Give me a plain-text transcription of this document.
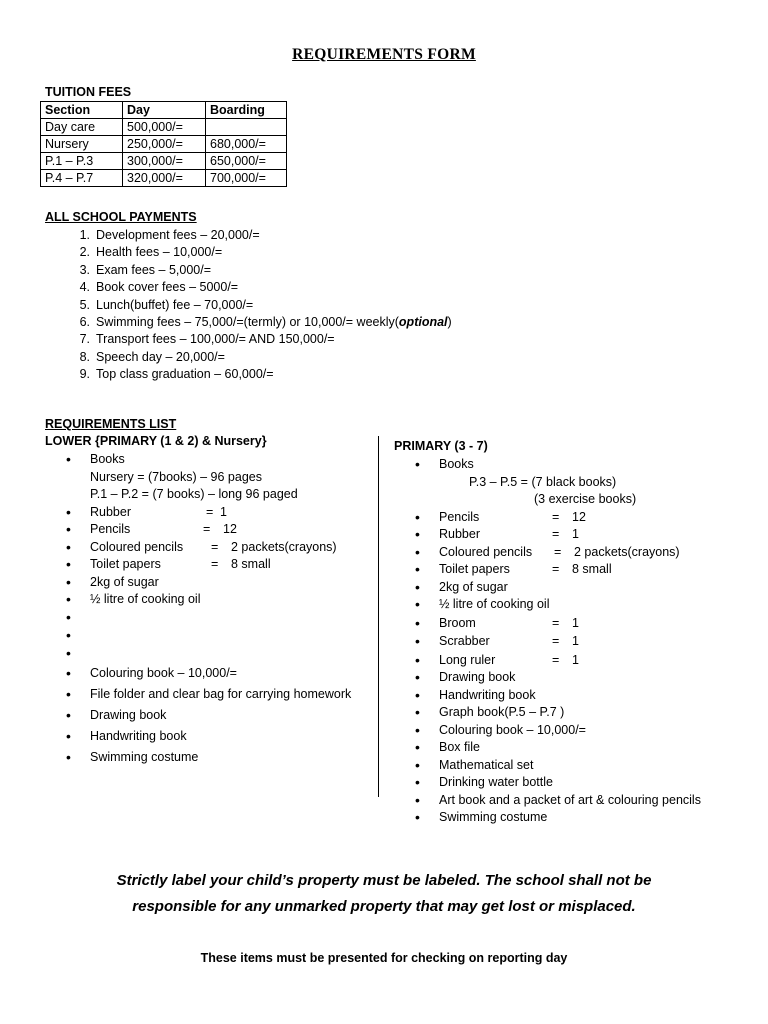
REQUIREMENTS FORM
TUITION FEES
Section	Day	Boarding
Day care	500,000/=	
Nursery	250,000/=	680,000/=
P.1 – P.3	300,000/=	650,000/=
P.4 – P.7	320,000/=	700,000/=
ALL SCHOOL PAYMENTS
1. Development fees – 20,000/=
2. Health fees – 10,000/=
3. Exam fees – 5,000/=
4. Book cover fees – 5000/=
5. Lunch(buffet) fee – 70,000/=
6. Swimming fees – 75,000/=(termly) or 10,000/= weekly(optional)
7. Transport fees – 100,000/= AND 150,000/=
8. Speech day – 20,000/=
9. Top class graduation – 60,000/=
REQUIREMENTS LIST
LOWER {PRIMARY (1 & 2) & Nursery}
•
Books
Nursery = (7books) – 96 pages
P.1 – P.2 = (7 books) – long 96 paged
•
Rubber	= 1
•
Pencils	= 12
•
Coloured pencils = 2 packets(crayons)
•
Toilet papers	= 8 small
•
2kg of sugar
•
½ litre of cooking oil
•
•
•
•
Colouring book – 10,000/=
•
File folder and clear bag for carrying homework
•
Drawing book
•
Handwriting book
•
Swimming costume
PRIMARY (3 - 7)
•
Books
P.3 – P.5 = (7 black books)
(3 exercise books)
•
Pencils	= 12
•
Rubber	= 1
•
Coloured pencils = 2 packets(crayons)
•
Toilet papers	= 8 small
•
2kg of sugar
•
½ litre of cooking oil
•
Broom	= 1
•
Scrabber	= 1
•
Long ruler	= 1
•
Drawing book
•
Handwriting book
•
Graph book(P.5 – P.7 )
•
Colouring book – 10,000/=
•
Box file
•
Mathematical set
•
Drinking water bottle
•
Art book and a packet of art & colouring pencils
•
Swimming costume
Strictly label your child’s property must be labeled. The school shall not be
responsible for any unmarked property that may get lost or misplaced.
These items must be presented for checking on reporting day
